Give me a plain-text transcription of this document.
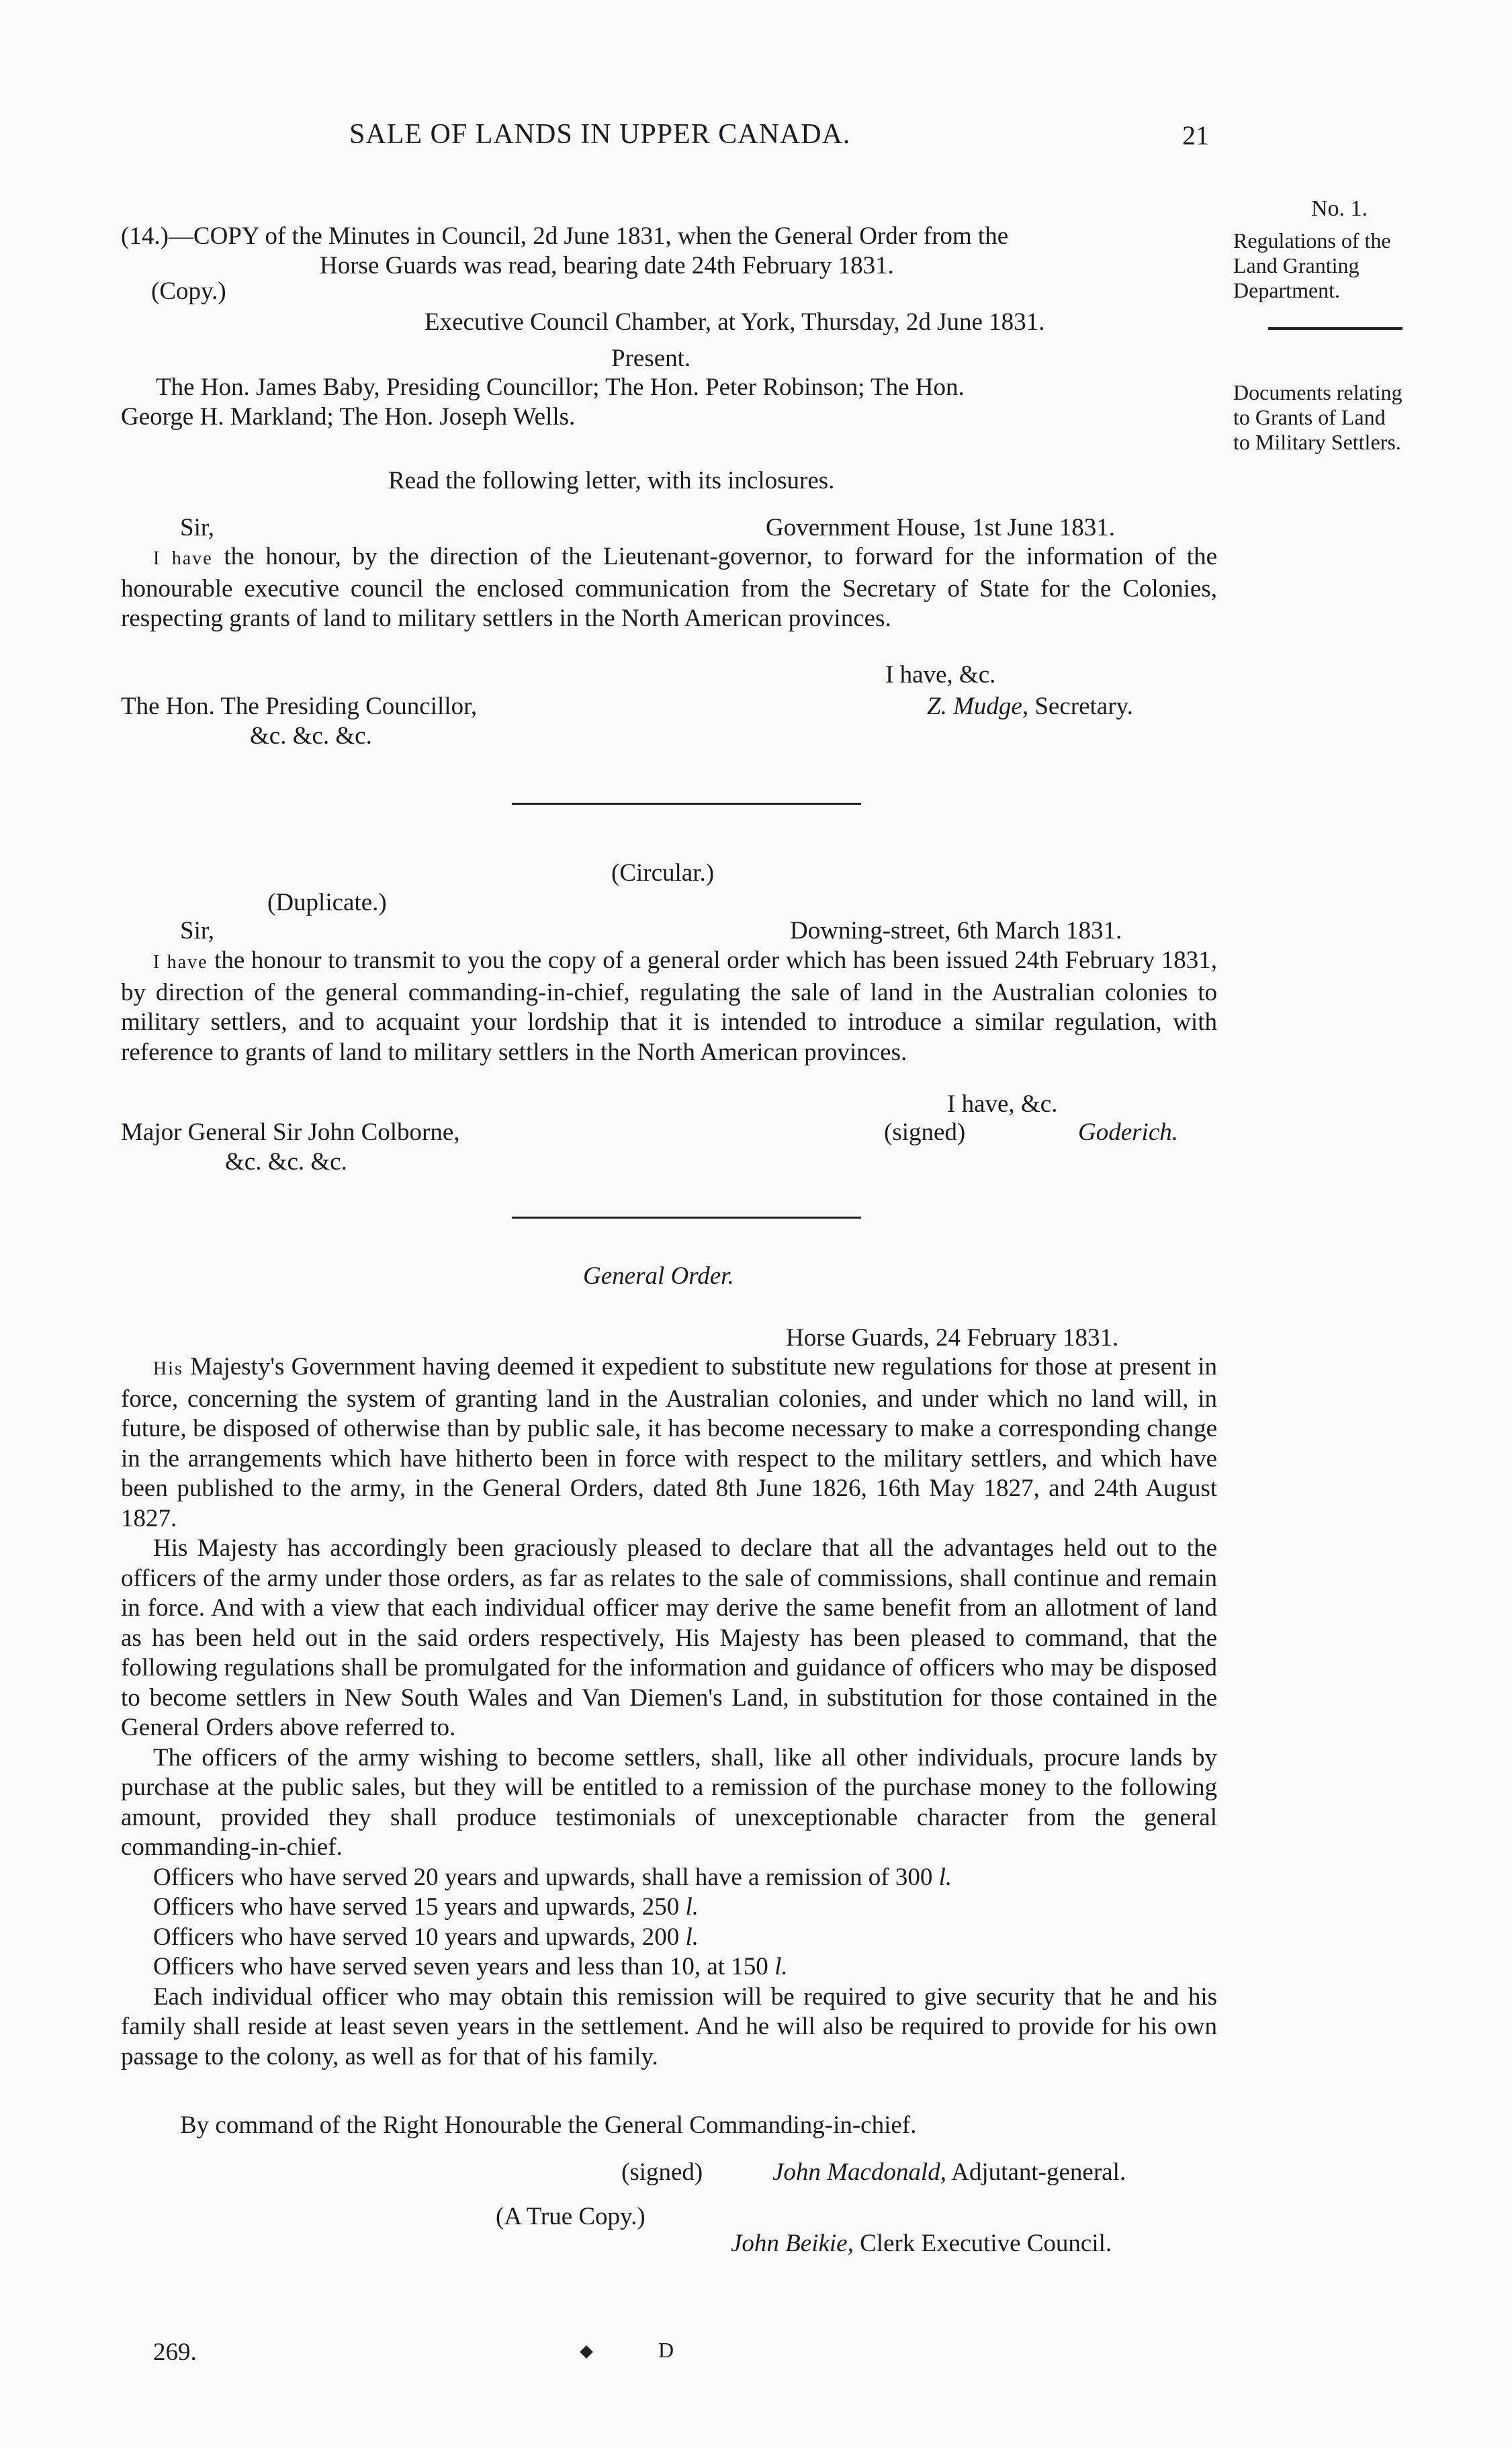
SALE OF LANDS IN UPPER CANADA.	21
No. 1.
Regulations of the
Land Granting
Department.
Documents relating
to Grants of Land
to Military Settlers.
(14.)—COPY of the Minutes in Council, 2d June 1831, when the General Order from the
Horse Guards was read, bearing date 24th February 1831.
(Copy.)
Executive Council Chamber, at York, Thursday, 2d June 1831.
Present.
The Hon. James Baby, Presiding Councillor; The Hon. Peter Robinson; The Hon.
George H. Markland; The Hon. Joseph Wells.
Read the following letter, with its inclosures.
Sir,	Government House, 1st June 1831.
I have the honour, by the direction of the Lieutenant-governor, to forward for the information of the honourable executive council the enclosed communication from the Secretary of State for the Colonies, respecting grants of land to military settlers in the North American provinces.
I have, &c.
The Hon. The Presiding Councillor,	Z. Mudge, Secretary.
&c. &c. &c.
(Circular.)
(Duplicate.)
Sir,	Downing-street, 6th March 1831.
I have the honour to transmit to you the copy of a general order which has been issued 24th February 1831, by direction of the general commanding-in-chief, regulating the sale of land in the Australian colonies to military settlers, and to acquaint your lordship that it is intended to introduce a similar regulation, with reference to grants of land to military settlers in the North American provinces.
I have, &c.
Major General Sir John Colborne,	(signed)	Goderich.
&c. &c. &c.
General Order.
Horse Guards, 24 February 1831.
His Majesty's Government having deemed it expedient to substitute new regulations for those at present in force, concerning the system of granting land in the Australian colonies, and under which no land will, in future, be disposed of otherwise than by public sale, it has become necessary to make a corresponding change in the arrangements which have hitherto been in force with respect to the military settlers, and which have been published to the army, in the General Orders, dated 8th June 1826, 16th May 1827, and 24th August 1827.
His Majesty has accordingly been graciously pleased to declare that all the advantages held out to the officers of the army under those orders, as far as relates to the sale of commissions, shall continue and remain in force. And with a view that each individual officer may derive the same benefit from an allotment of land as has been held out in the said orders respectively, His Majesty has been pleased to command, that the following regulations shall be promulgated for the information and guidance of officers who may be disposed to become settlers in New South Wales and Van Diemen's Land, in substitution for those contained in the General Orders above referred to.
The officers of the army wishing to become settlers, shall, like all other individuals, procure lands by purchase at the public sales, but they will be entitled to a remission of the purchase money to the following amount, provided they shall produce testimonials of unexceptionable character from the general commanding-in-chief.
Officers who have served 20 years and upwards, shall have a remission of 300 l.
Officers who have served 15 years and upwards, 250 l.
Officers who have served 10 years and upwards, 200 l.
Officers who have served seven years and less than 10, at 150 l.
Each individual officer who may obtain this remission will be required to give security that he and his family shall reside at least seven years in the settlement. And he will also be required to provide for his own passage to the colony, as well as for that of his family.
By command of the Right Honourable the General Commanding-in-chief.
(signed)	John Macdonald, Adjutant-general.
(A True Copy.)
John Beikie, Clerk Executive Council.
269.	D
